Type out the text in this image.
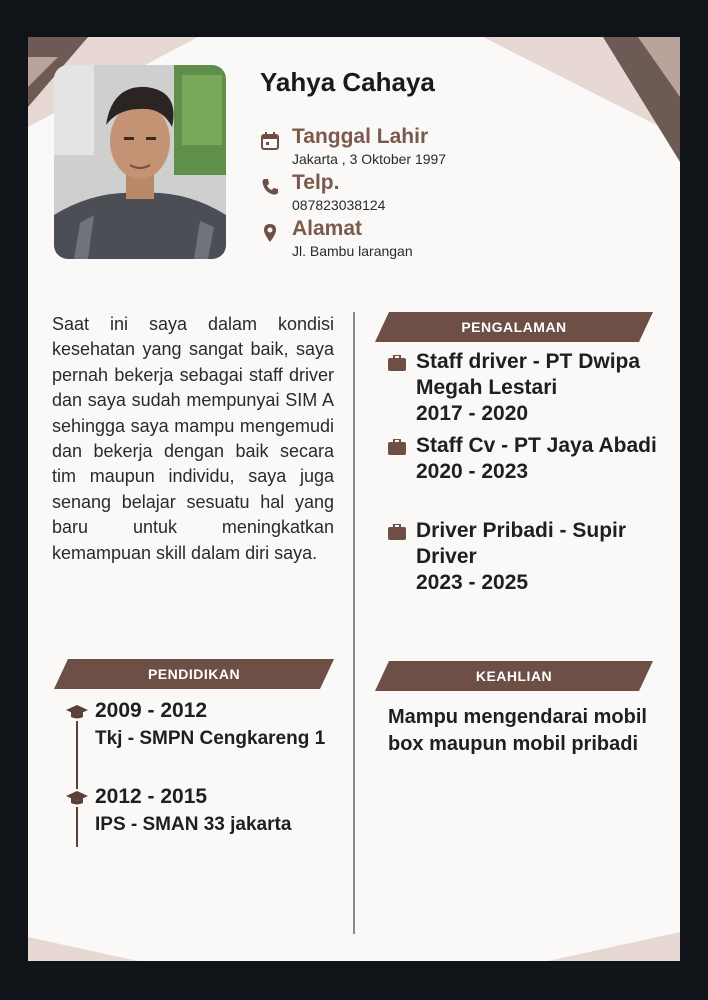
Yahya Cahaya
Tanggal Lahir
Jakarta , 3 Oktober 1997
Telp.
087823038124
Alamat
Jl. Bambu larangan
Saat ini saya dalam kondisi kesehatan yang sangat baik, saya pernah bekerja sebagai staff driver dan saya sudah mempunyai SIM A sehingga saya mampu mengemudi dan bekerja dengan baik secara tim maupun individu, saya juga senang belajar sesuatu hal yang baru untuk meningkatkan kemampuan skill dalam diri saya.
PENGALAMAN
Staff driver - PT Dwipa Megah Lestari
2017 - 2020
Staff Cv - PT Jaya Abadi
2020 - 2023
Driver Pribadi - Supir Driver
2023 - 2025
PENDIDIKAN
2009 - 2012
Tkj - SMPN Cengkareng 1
2012 - 2015
IPS - SMAN 33 jakarta
KEAHLIAN
Mampu mengendarai mobil box maupun mobil pribadi
